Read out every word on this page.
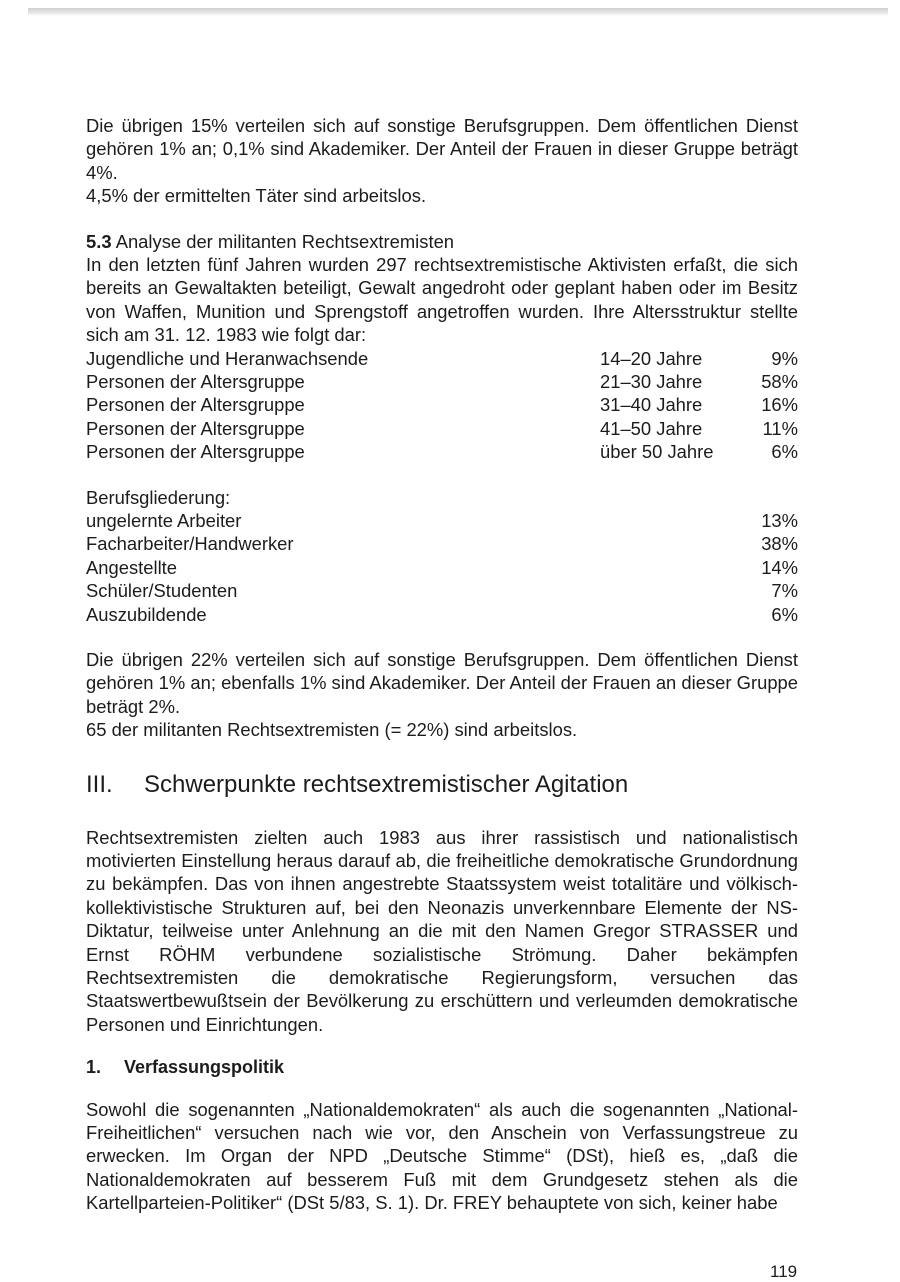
Die übrigen 15% verteilen sich auf sonstige Berufsgruppen. Dem öffentlichen Dienst gehören 1% an; 0,1% sind Akademiker. Der Anteil der Frauen in dieser Gruppe beträgt 4%.

4,5% der ermittelten Täter sind arbeitslos.

5.3 Analyse der militanten Rechtsextremisten

In den letzten fünf Jahren wurden 297 rechtsextremistische Aktivisten erfaßt, die sich bereits an Gewaltakten beteiligt, Gewalt angedroht oder geplant haben oder im Besitz von Waffen, Munition und Sprengstoff angetroffen wurden. Ihre Altersstruktur stellte sich am 31. 12. 1983 wie folgt dar:

Jugendliche und Heranwachsende	14–20 Jahre	9%
Personen der Altersgruppe	21–30 Jahre	58%
Personen der Altersgruppe	31–40 Jahre	16%
Personen der Altersgruppe	41–50 Jahre	11%
Personen der Altersgruppe	über 50 Jahre	6%

Berufsgliederung:

ungelernte Arbeiter	13%
Facharbeiter/Handwerker	38%
Angestellte	14%
Schüler/Studenten	7%
Auszubildende	6%

Die übrigen 22% verteilen sich auf sonstige Berufsgruppen. Dem öffentlichen Dienst gehören 1% an; ebenfalls 1% sind Akademiker. Der Anteil der Frauen an dieser Gruppe beträgt 2%.

65 der militanten Rechtsextremisten (= 22%) sind arbeitslos.

III. Schwerpunkte rechtsextremistischer Agitation

Rechtsextremisten zielten auch 1983 aus ihrer rassistisch und nationalistisch motivierten Einstellung heraus darauf ab, die freiheitliche demokratische Grundordnung zu bekämpfen. Das von ihnen angestrebte Staatssystem weist totalitäre und völkisch-kollektivistische Strukturen auf, bei den Neonazis unverkennbare Elemente der NS-Diktatur, teilweise unter Anlehnung an die mit den Namen Gregor STRASSER und Ernst RÖHM verbundene sozialistische Strömung. Daher bekämpfen Rechtsextremisten die demokratische Regierungsform, versuchen das Staatswertbewußtsein der Bevölkerung zu erschüttern und verleumden demokratische Personen und Einrichtungen.

1. Verfassungspolitik

Sowohl die sogenannten „Nationaldemokraten“ als auch die sogenannten „National-Freiheitlichen“ versuchen nach wie vor, den Anschein von Verfassungstreue zu erwecken. Im Organ der NPD „Deutsche Stimme“ (DSt), hieß es, „daß die Nationaldemokraten auf besserem Fuß mit dem Grundgesetz stehen als die Kartellparteien-Politiker“ (DSt 5/83, S. 1). Dr. FREY behauptete von sich, keiner habe

119
